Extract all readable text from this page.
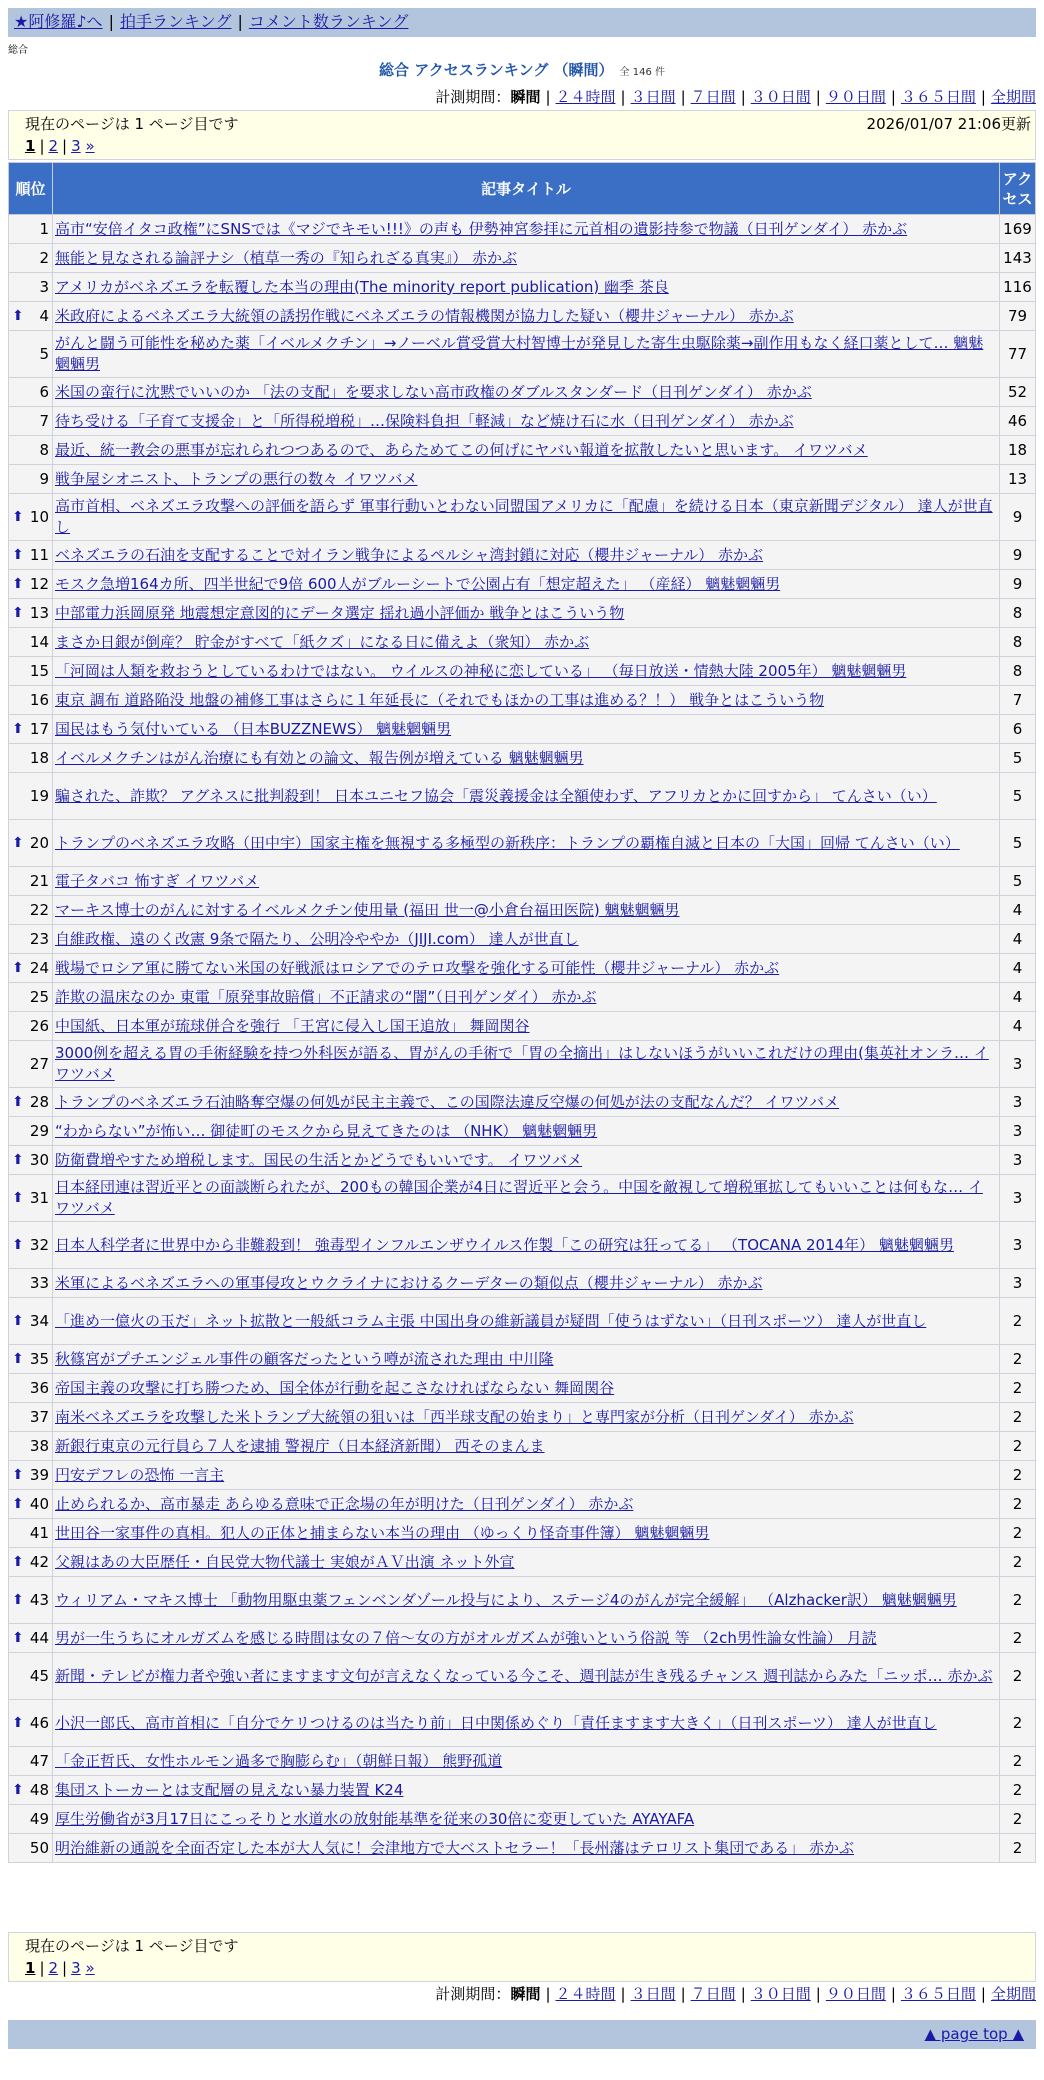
★阿修羅♪へ | 拍手ランキング | コメント数ランキング
総合
総合 アクセスランキング （瞬間） 全 146 件
計測期間：瞬間 | ２４時間 | ３日間 | ７日間 | ３０日間 | ９０日間 | ３６５日間 | 全期間
現在のページは 1 ページ目です	2026/01/07 21:06更新
1 | 2 | 3 »
順位	記事タイトル	アクセス
1	高市“安倍イタコ政権”にSNSでは《マジでキモい!!!》の声も 伊勢神宮参拝に元首相の遺影持参で物議（日刊ゲンダイ） 赤かぶ	169
2	無能と見なされる論評ナシ（植草一秀の『知られざる真実』） 赤かぶ	143
3	アメリカがベネズエラを転覆した本当の理由(The minority report publication) 幽季 茶良	116

⬆ 4	米政府によるベネズエラ大統領の誘拐作戦にベネズエラの情報機関が協力した疑い（櫻井ジャーナル） 赤かぶ	79
5	がんと闘う可能性を秘めた薬「イベルメクチン」→ノーベル賞受賞大村智博士が発見した寄生虫駆除薬→副作用もなく経口薬として… 魑魅魍魎男	77
6	米国の蛮行に沈黙でいいのか 「法の支配」を要求しない高市政権のダブルスタンダード（日刊ゲンダイ） 赤かぶ	52
7	待ち受ける「子育て支援金」と「所得税増税」…保険料負担「軽減」など焼け石に水（日刊ゲンダイ） 赤かぶ	46
8	最近、統一教会の悪事が忘れられつつあるので、あらためてこの何げにヤバい報道を拡散したいと思います。 イワツバメ	18
9	戦争屋シオニスト、トランプの悪行の数々 イワツバメ	13

⬆ 10	高市首相、ベネズエラ攻撃への評価を語らず 軍事行動いとわない同盟国アメリカに「配慮」を続ける日本（東京新聞デジタル） 達人が世直し	9

⬆ 11	ベネズエラの石油を支配することで対イラン戦争によるペルシャ湾封鎖に対応（櫻井ジャーナル） 赤かぶ	9

⬆ 12	モスク急増164カ所、四半世紀で9倍 600人がブルーシートで公園占有「想定超えた」 （産経） 魑魅魍魎男	9

⬆ 13	中部電力浜岡原発 地震想定意図的にデータ選定 揺れ過小評価か 戦争とはこういう物	8
14	まさか日銀が倒産？ 貯金がすべて「紙クズ」になる日に備えよ（衆知） 赤かぶ	8
15	「河岡は人類を救おうとしているわけではない。 ウイルスの神秘に恋している」 （毎日放送・情熱大陸 2005年） 魑魅魍魎男	8
16	東京 調布 道路陥没 地盤の補修工事はさらに１年延長に（それでもほかの工事は進める？！） 戦争とはこういう物	7

⬆ 17	国民はもう気付いている （日本BUZZNEWS） 魑魅魍魎男	6
18	イベルメクチンはがん治療にも有効との論文、報告例が増えている 魑魅魍魎男	5
19	騙された、詐欺？ アグネスに批判殺到！ 日本ユニセフ協会「震災義援金は全額使わず、アフリカとかに回すから」 てんさい（い）	5

⬆ 20	トランプのベネズエラ攻略（田中宇）国家主権を無視する多極型の新秩序：トランプの覇権自滅と日本の「大国」回帰 てんさい（い）	5
21	電子タバコ 怖すぎ イワツバメ	5
22	マーキス博士のがんに対するイベルメクチン使用量 (福田 世一@小倉台福田医院) 魑魅魍魎男	4
23	自維政権、遠のく改憲 9条で隔たり、公明冷ややか（JIJI.com） 達人が世直し	4

⬆ 24	戦場でロシア軍に勝てない米国の好戦派はロシアでのテロ攻撃を強化する可能性（櫻井ジャーナル） 赤かぶ	4
25	詐欺の温床なのか 東電「原発事故賠償」不正請求の“闇”（日刊ゲンダイ） 赤かぶ	4
26	中国紙、日本軍が琉球併合を強行 「王宮に侵入し国王追放」 舞岡関谷	4
27	3000例を超える胃の手術経験を持つ外科医が語る、胃がんの手術で「胃の全摘出」はしないほうがいいこれだけの理由(集英社オンラ… イワツバメ	3

⬆ 28	トランプのベネズエラ石油略奪空爆の何処が民主主義で、この国際法違反空爆の何処が法の支配なんだ？ イワツバメ	3
29	“わからない”が怖い… 御徒町のモスクから見えてきたのは （NHK） 魑魅魍魎男	3

⬆ 30	防衛費増やすため増税します。国民の生活とかどうでもいいです。 イワツバメ	3

⬆ 31	日本経団連は習近平との面談断られたが、200もの韓国企業が4日に習近平と会う。中国を敵視して増税軍拡してもいいことは何もな… イワツバメ	3

⬆ 32	日本人科学者に世界中から非難殺到！ 強毒型インフルエンザウイルス作製「この研究は狂ってる」 （TOCANA 2014年） 魑魅魍魎男	3
33	米軍によるベネズエラへの軍事侵攻とウクライナにおけるクーデターの類似点（櫻井ジャーナル） 赤かぶ	3

⬆ 34	「進め一億火の玉だ」ネット拡散と一般紙コラム主張 中国出身の維新議員が疑問「使うはずない」（日刊スポーツ） 達人が世直し	2

⬆ 35	秋篠宮がプチエンジェル事件の顧客だったという噂が流された理由 中川隆	2
36	帝国主義の攻撃に打ち勝つため、国全体が行動を起こさなければならない 舞岡関谷	2
37	南米ベネズエラを攻撃した米トランプ大統領の狙いは「西半球支配の始まり」と専門家が分析（日刊ゲンダイ） 赤かぶ	2
38	新銀行東京の元行員ら７人を逮捕 警視庁（日本経済新聞） 西そのまんま	2

⬆ 39	円安デフレの恐怖 一言主	2

⬆ 40	止められるか、高市暴走 あらゆる意味で正念場の年が明けた（日刊ゲンダイ） 赤かぶ	2
41	世田谷一家事件の真相。犯人の正体と捕まらない本当の理由 （ゆっくり怪奇事件簿） 魑魅魍魎男	2

⬆ 42	父親はあの大臣歴任・自民党大物代議士 実娘がＡＶ出演 ネット外宣	2

⬆ 43	ウィリアム・マキス博士 「動物用駆虫薬フェンベンダゾール投与により、ステージ4のがんが完全緩解」 （Alzhacker訳） 魑魅魍魎男	2

⬆ 44	男が一生うちにオルガズムを感じる時間は女の７倍～女の方がオルガズムが強いという俗説 等 （2ch男性論女性論） 月読	2
45	新聞・テレビが権力者や強い者にますます文句が言えなくなっている今こそ、週刊誌が生き残るチャンス 週刊誌からみた「ニッポ… 赤かぶ	2

⬆ 46	小沢一郎氏、高市首相に「自分でケリつけるのは当たり前」日中関係めぐり「責任ますます大きく」（日刊スポーツ） 達人が世直し	2
47	「金正哲氏、女性ホルモン過多で胸膨らむ」（朝鮮日報） 熊野孤道	2

⬆ 48	集団ストーカーとは支配層の見えない暴力装置 K24	2
49	厚生労働省が3月17日にこっそりと水道水の放射能基準を従来の30倍に変更していた AYAYAFA	2
50	明治維新の通説を全面否定した本が大人気に！会津地方で大ベストセラー！「長州藩はテロリスト集団である」 赤かぶ	2
現在のページは 1 ページ目です
1 | 2 | 3 »
計測期間：瞬間 | ２４時間 | ３日間 | ７日間 | ３０日間 | ９０日間 | ３６５日間 | 全期間
▲ page top ▲
